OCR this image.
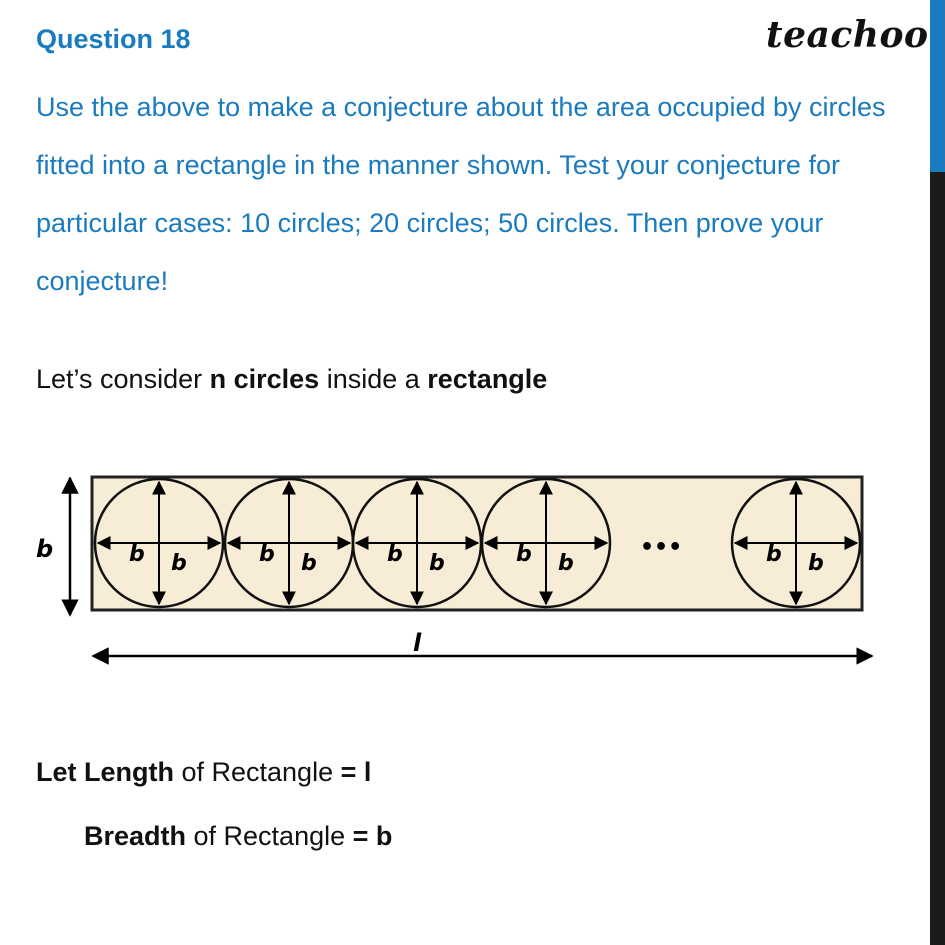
Question 18	teachoo
Use the above to make a conjecture about the area occupied by circles fitted into a rectangle in the manner shown. Test your conjecture for particular cases: 10 circles; 20 circles; 50 circles. Then prove your conjecture!
Let’s consider n circles inside a rectangle
b
l
•••
b b	b b	b b	b b	b b
Let Length of Rectangle = l
Breadth of Rectangle = b
